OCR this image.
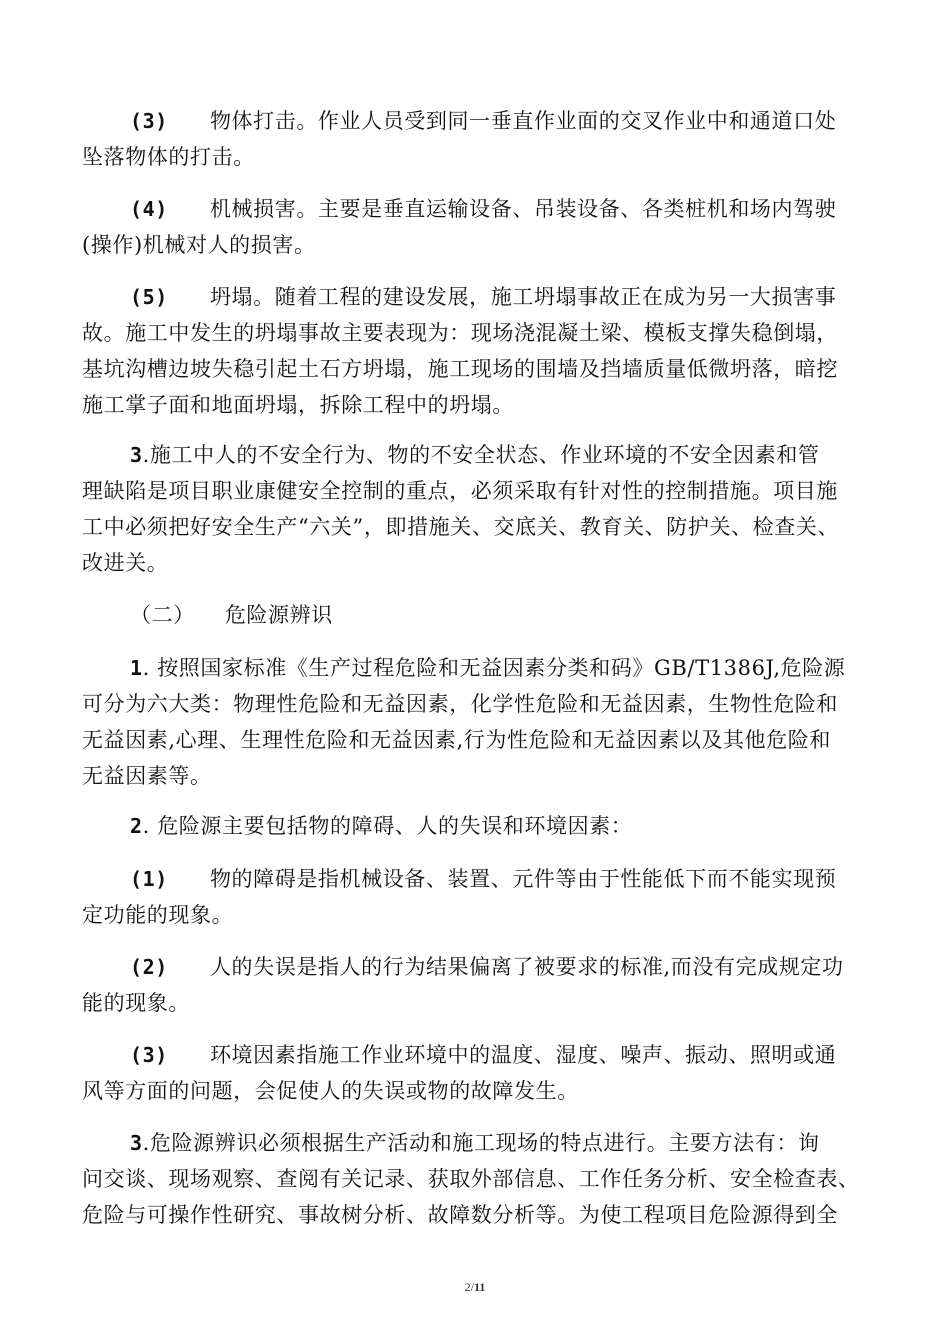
(3) 物体打击。作业人员受到同一垂直作业面的交叉作业中和通道口处
坠落物体的打击。
(4) 机械损害。主要是垂直运输设备、吊装设备、各类桩机和场内驾驶
(操作)机械对人的损害。
(5) 坍塌。随着工程的建设发展，施工坍塌事故正在成为另一大损害事
故。施工中发生的坍塌事故主要表现为：现场浇混凝土梁、模板支撑失稳倒塌，
基坑沟槽边坡失稳引起土石方坍塌，施工现场的围墙及挡墙质量低微坍落，暗挖
施工掌子面和地面坍塌，拆除工程中的坍塌。
3.施工中人的不安全行为、物的不安全状态、作业环境的不安全因素和管
理缺陷是项目职业康健安全控制的重点，必须采取有针对性的控制措施。项目施
工中必须把好安全生产“六关”，即措施关、交底关、教育关、防护关、检查关、
改进关。
（二） 危险源辨识
1. 按照国家标准《生产过程危险和无益因素分类和码》GB/T1386J,危险源
可分为六大类：物理性危险和无益因素，化学性危险和无益因素，生物性危险和
无益因素,心理、生理性危险和无益因素,行为性危险和无益因素以及其他危险和
无益因素等。
2. 危险源主要包括物的障碍、人的失误和环境因素：
(1) 物的障碍是指机械设备、装置、元件等由于性能低下而不能实现预
定功能的现象。
(2) 人的失误是指人的行为结果偏离了被要求的标准,而没有完成规定功
能的现象。
(3) 环境因素指施工作业环境中的温度、湿度、噪声、振动、照明或通
风等方面的问题，会促使人的失误或物的故障发生。
3.危险源辨识必须根据生产活动和施工现场的特点进行。主要方法有：询
问交谈、现场观察、查阅有关记录、获取外部信息、工作任务分析、安全检查表、
危险与可操作性研究、事故树分析、故障数分析等。为使工程项目危险源得到全
2/11
